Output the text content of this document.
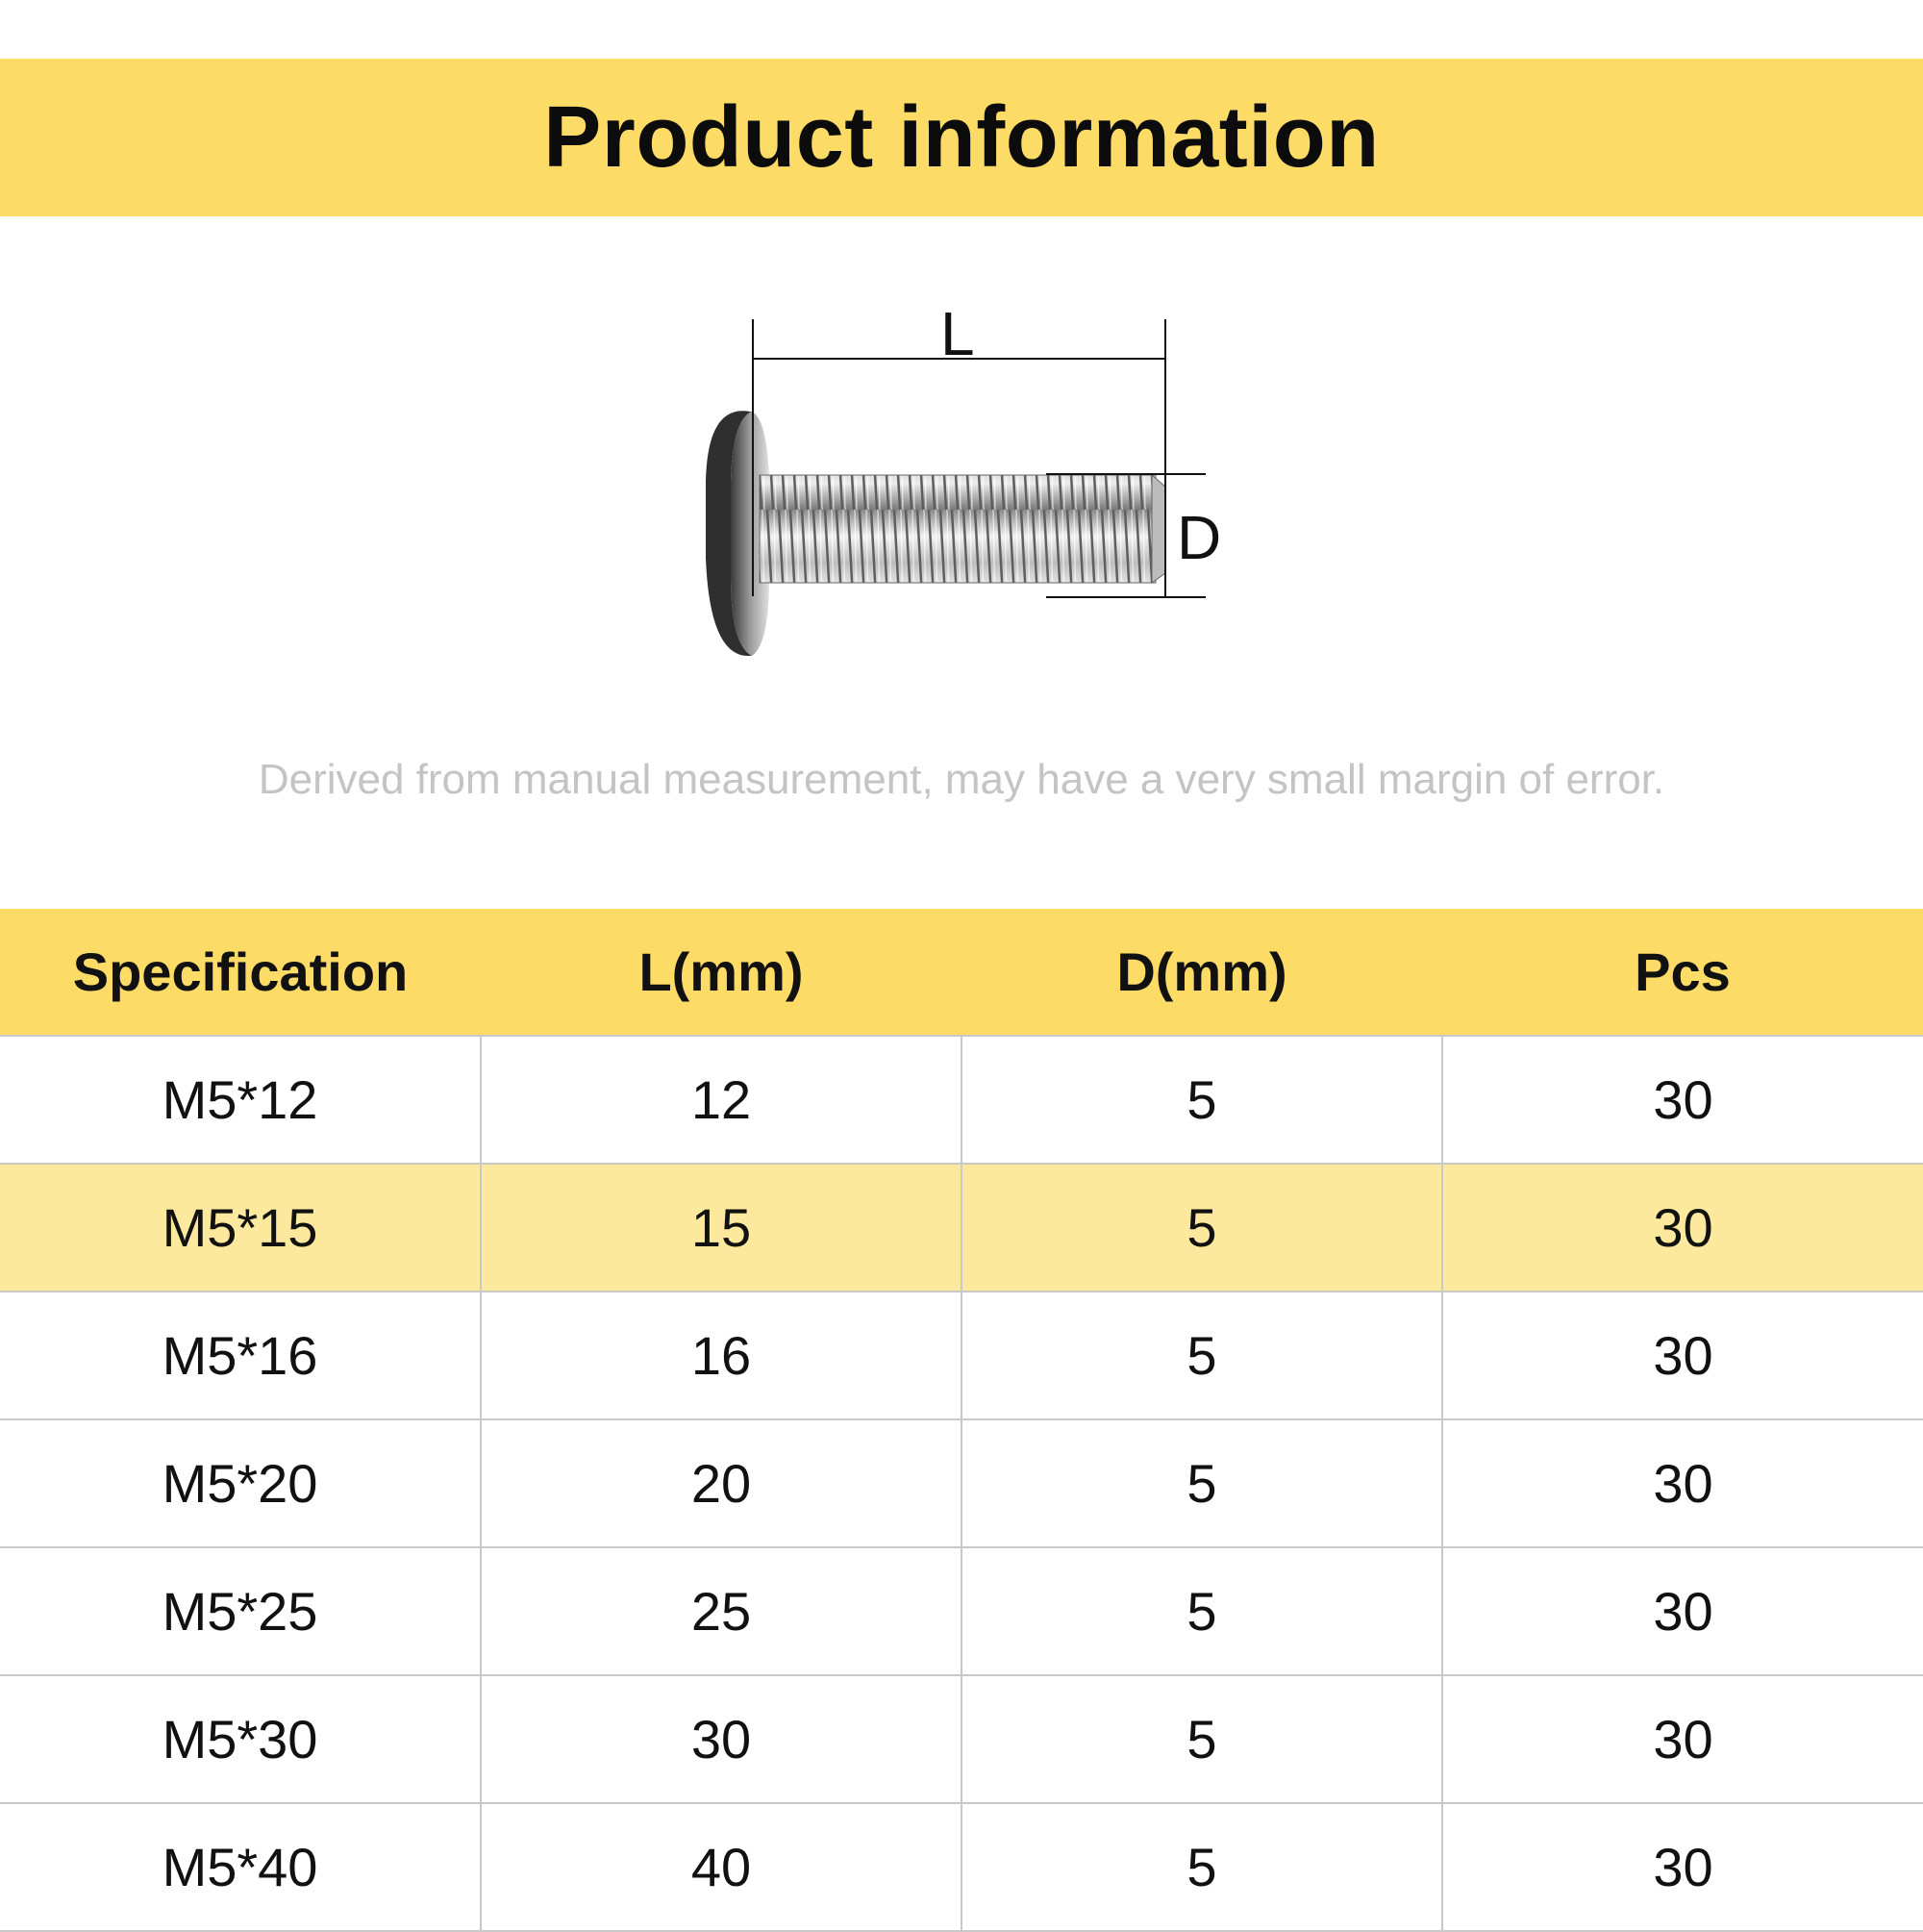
Product information
L
D
Derived from manual measurement, may have a very small margin of error.
Specification	L(mm)	D(mm)	Pcs
M5*12	12	5	30
M5*15	15	5	30
M5*16	16	5	30
M5*20	20	5	30
M5*25	25	5	30
M5*30	30	5	30
M5*40	40	5	30
